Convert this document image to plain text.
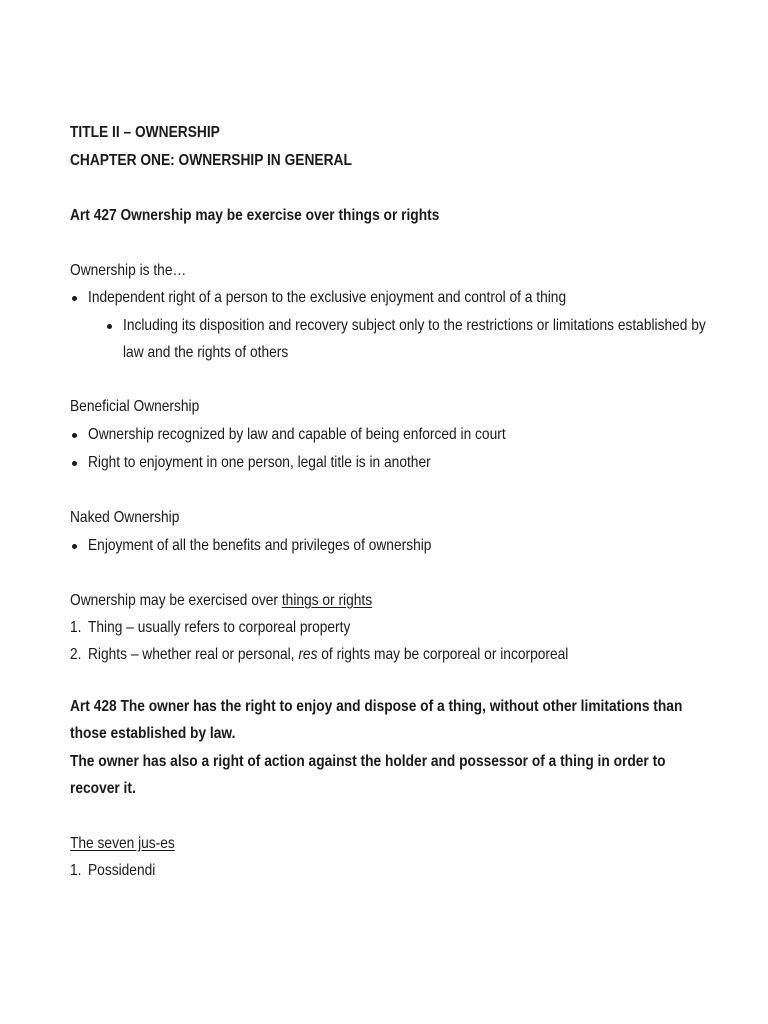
TITLE II – OWNERSHIP
CHAPTER ONE: OWNERSHIP IN GENERAL
Art 427 Ownership may be exercise over things or rights
Ownership is the…
Independent right of a person to the exclusive enjoyment and control of a thing
Including its disposition and recovery subject only to the restrictions or limitations established by
law and the rights of others
Beneficial Ownership
Ownership recognized by law and capable of being enforced in court
Right to enjoyment in one person, legal title is in another
Naked Ownership
Enjoyment of all the benefits and privileges of ownership
Ownership may be exercised over things or rights
1. Thing – usually refers to corporeal property
2. Rights – whether real or personal, res of rights may be corporeal or incorporeal
Art 428 The owner has the right to enjoy and dispose of a thing, without other limitations than
those established by law.
The owner has also a right of action against the holder and possessor of a thing in order to
recover it.
The seven jus-es
1. Possidendi
